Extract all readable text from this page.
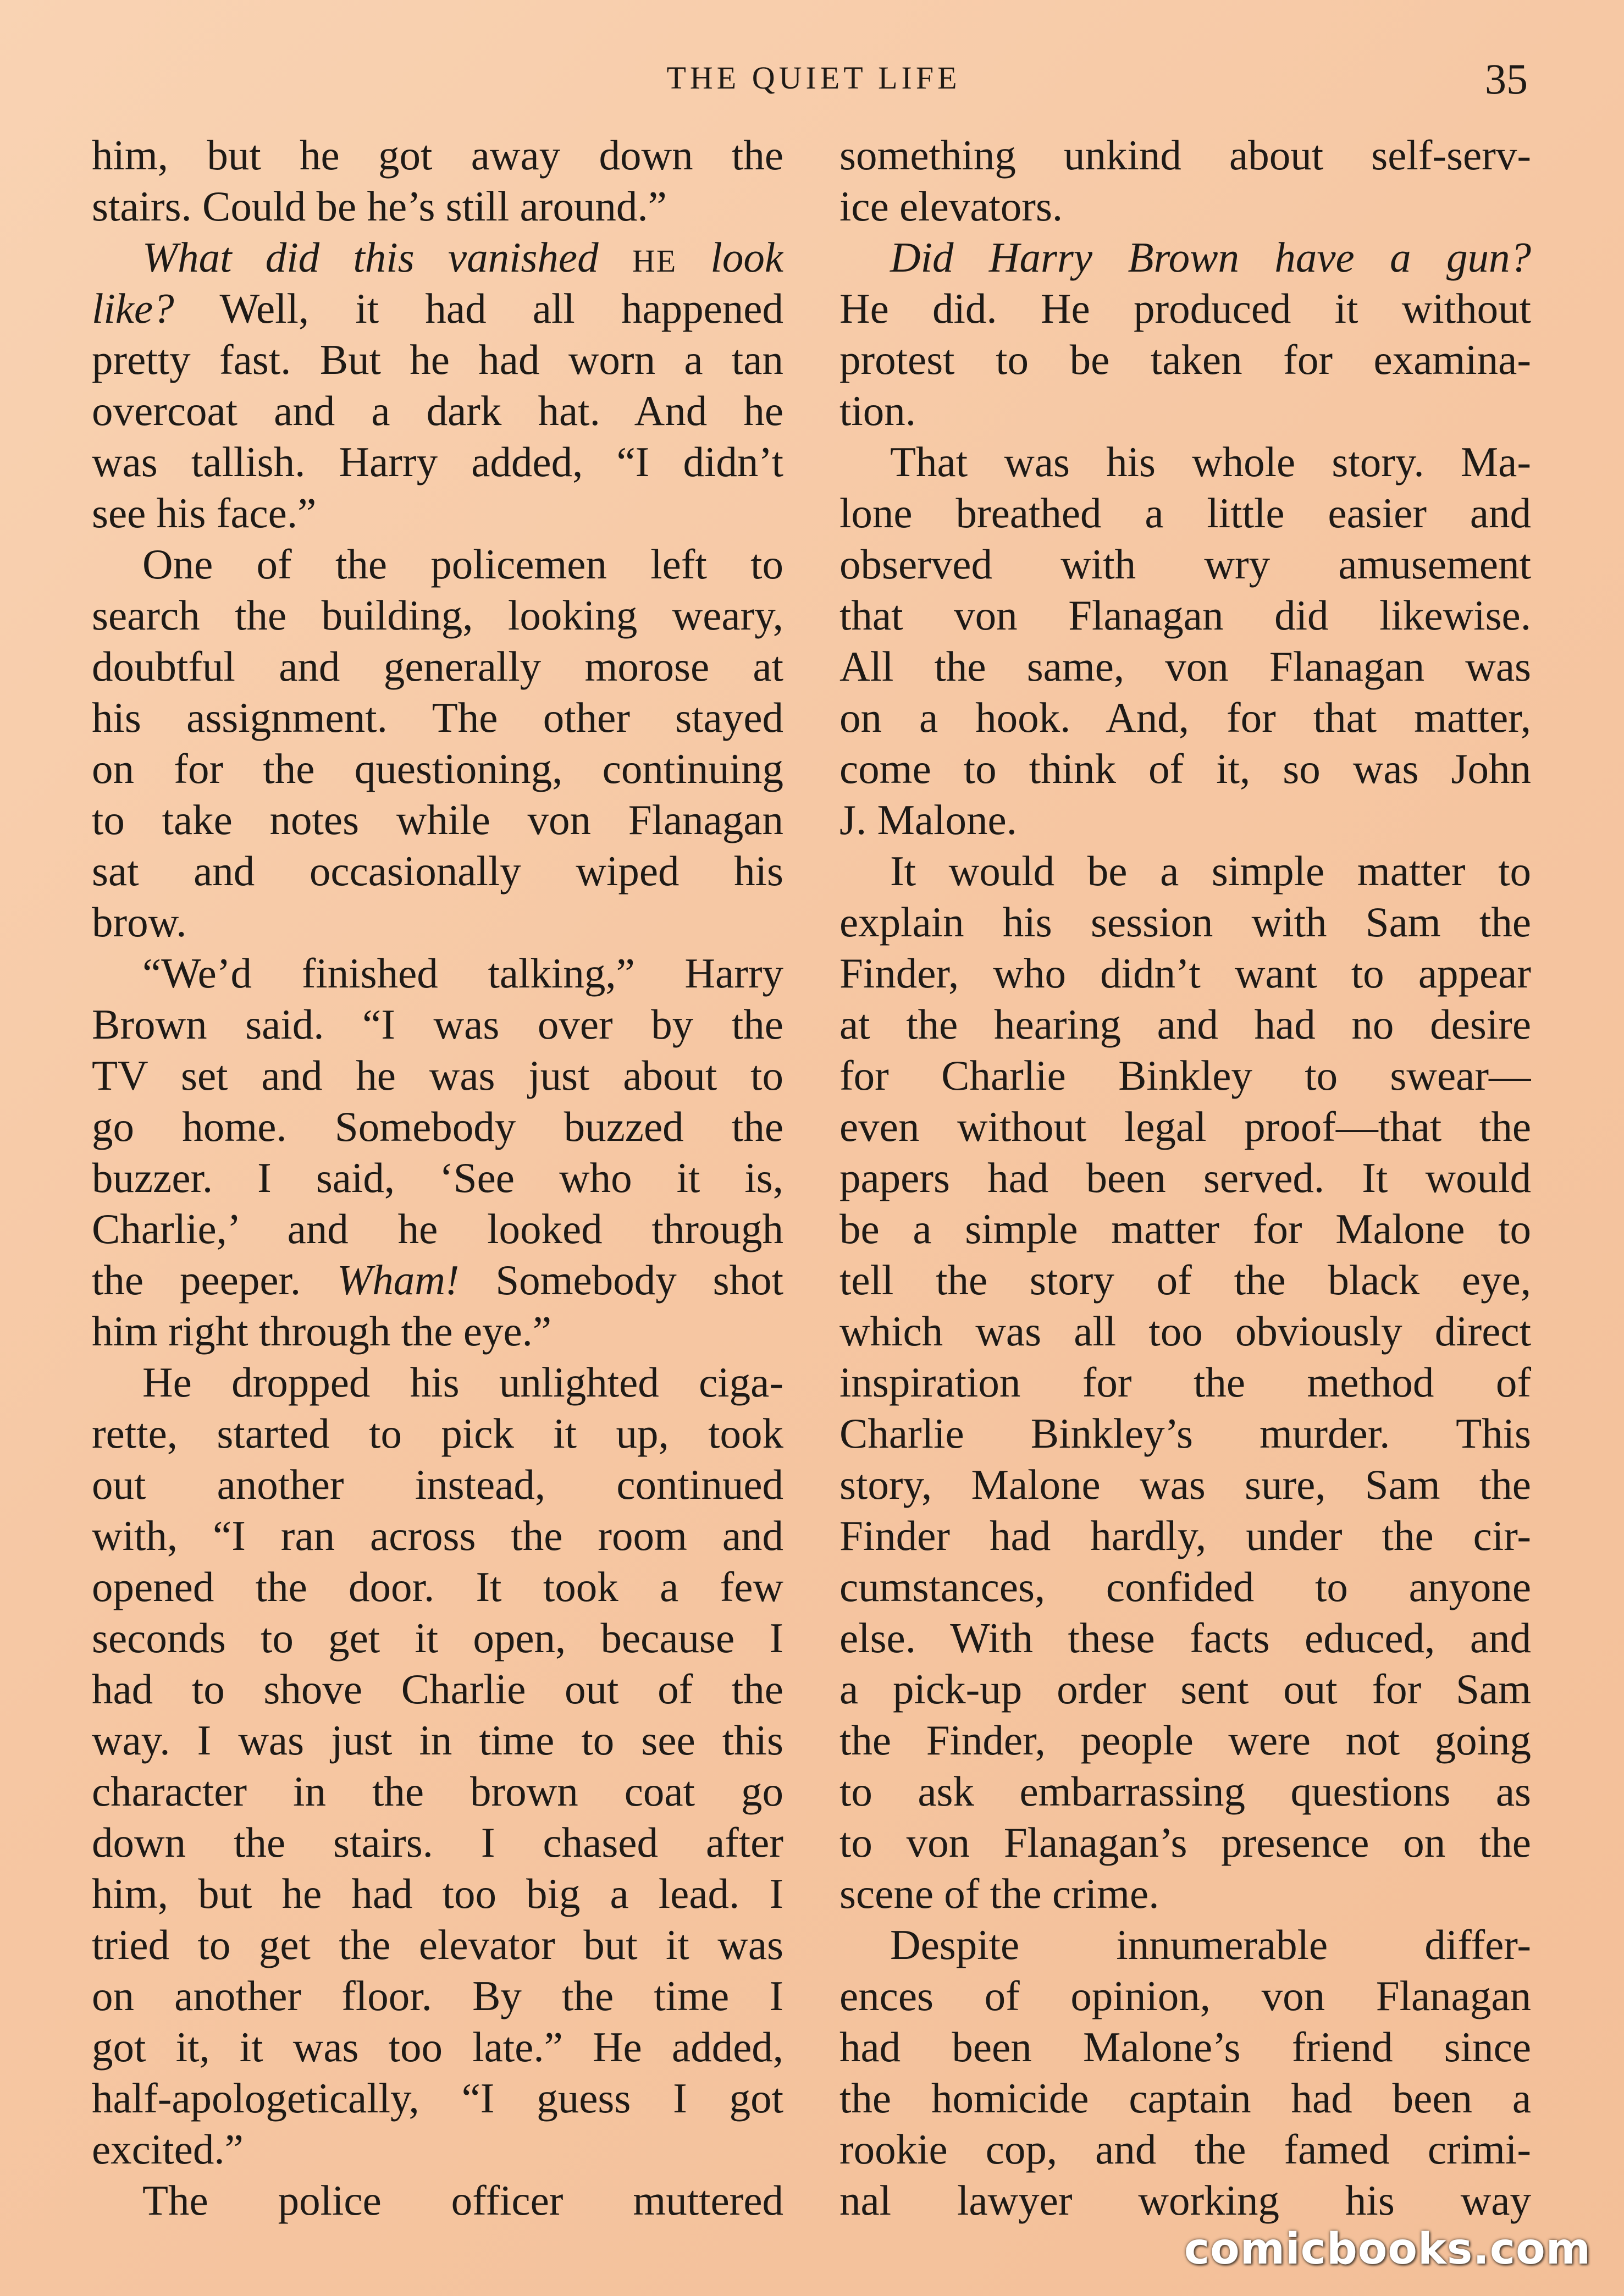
THE QUIET LIFE	35
him, but he got away down the
stairs. Could be he’s still around.”
What did this vanished HE look
like? Well, it had all happened
pretty fast. But he had worn a tan
overcoat and a dark hat. And he
was tallish. Harry added, “I didn’t
see his face.”
One of the policemen left to
search the building, looking weary,
doubtful and generally morose at
his assignment. The other stayed
on for the questioning, continuing
to take notes while von Flanagan
sat and occasionally wiped his
brow.
“We’d finished talking,” Harry
Brown said. “I was over by the
TV set and he was just about to
go home. Somebody buzzed the
buzzer. I said, ‘See who it is,
Charlie,’ and he looked through
the peeper. Wham! Somebody shot
him right through the eye.”
He dropped his unlighted ciga-
rette, started to pick it up, took
out another instead, continued
with, “I ran across the room and
opened the door. It took a few
seconds to get it open, because I
had to shove Charlie out of the
way. I was just in time to see this
character in the brown coat go
down the stairs. I chased after
him, but he had too big a lead. I
tried to get the elevator but it was
on another floor. By the time I
got it, it was too late.” He added,
half-apologetically, “I guess I got
excited.”
The police officer muttered
something unkind about self-serv-
ice elevators.
Did Harry Brown have a gun?
He did. He produced it without
protest to be taken for examina-
tion.
That was his whole story. Ma-
lone breathed a little easier and
observed with wry amusement
that von Flanagan did likewise.
All the same, von Flanagan was
on a hook. And, for that matter,
come to think of it, so was John
J. Malone.
It would be a simple matter to
explain his session with Sam the
Finder, who didn’t want to appear
at the hearing and had no desire
for Charlie Binkley to swear—
even without legal proof—that the
papers had been served. It would
be a simple matter for Malone to
tell the story of the black eye,
which was all too obviously direct
inspiration for the method of
Charlie Binkley’s murder. This
story, Malone was sure, Sam the
Finder had hardly, under the cir-
cumstances, confided to anyone
else. With these facts educed, and
a pick-up order sent out for Sam
the Finder, people were not going
to ask embarrassing questions as
to von Flanagan’s presence on the
scene of the crime.
Despite innumerable differ-
ences of opinion, von Flanagan
had been Malone’s friend since
the homicide captain had been a
rookie cop, and the famed crimi-
nal lawyer working his way
comicbooks.com
